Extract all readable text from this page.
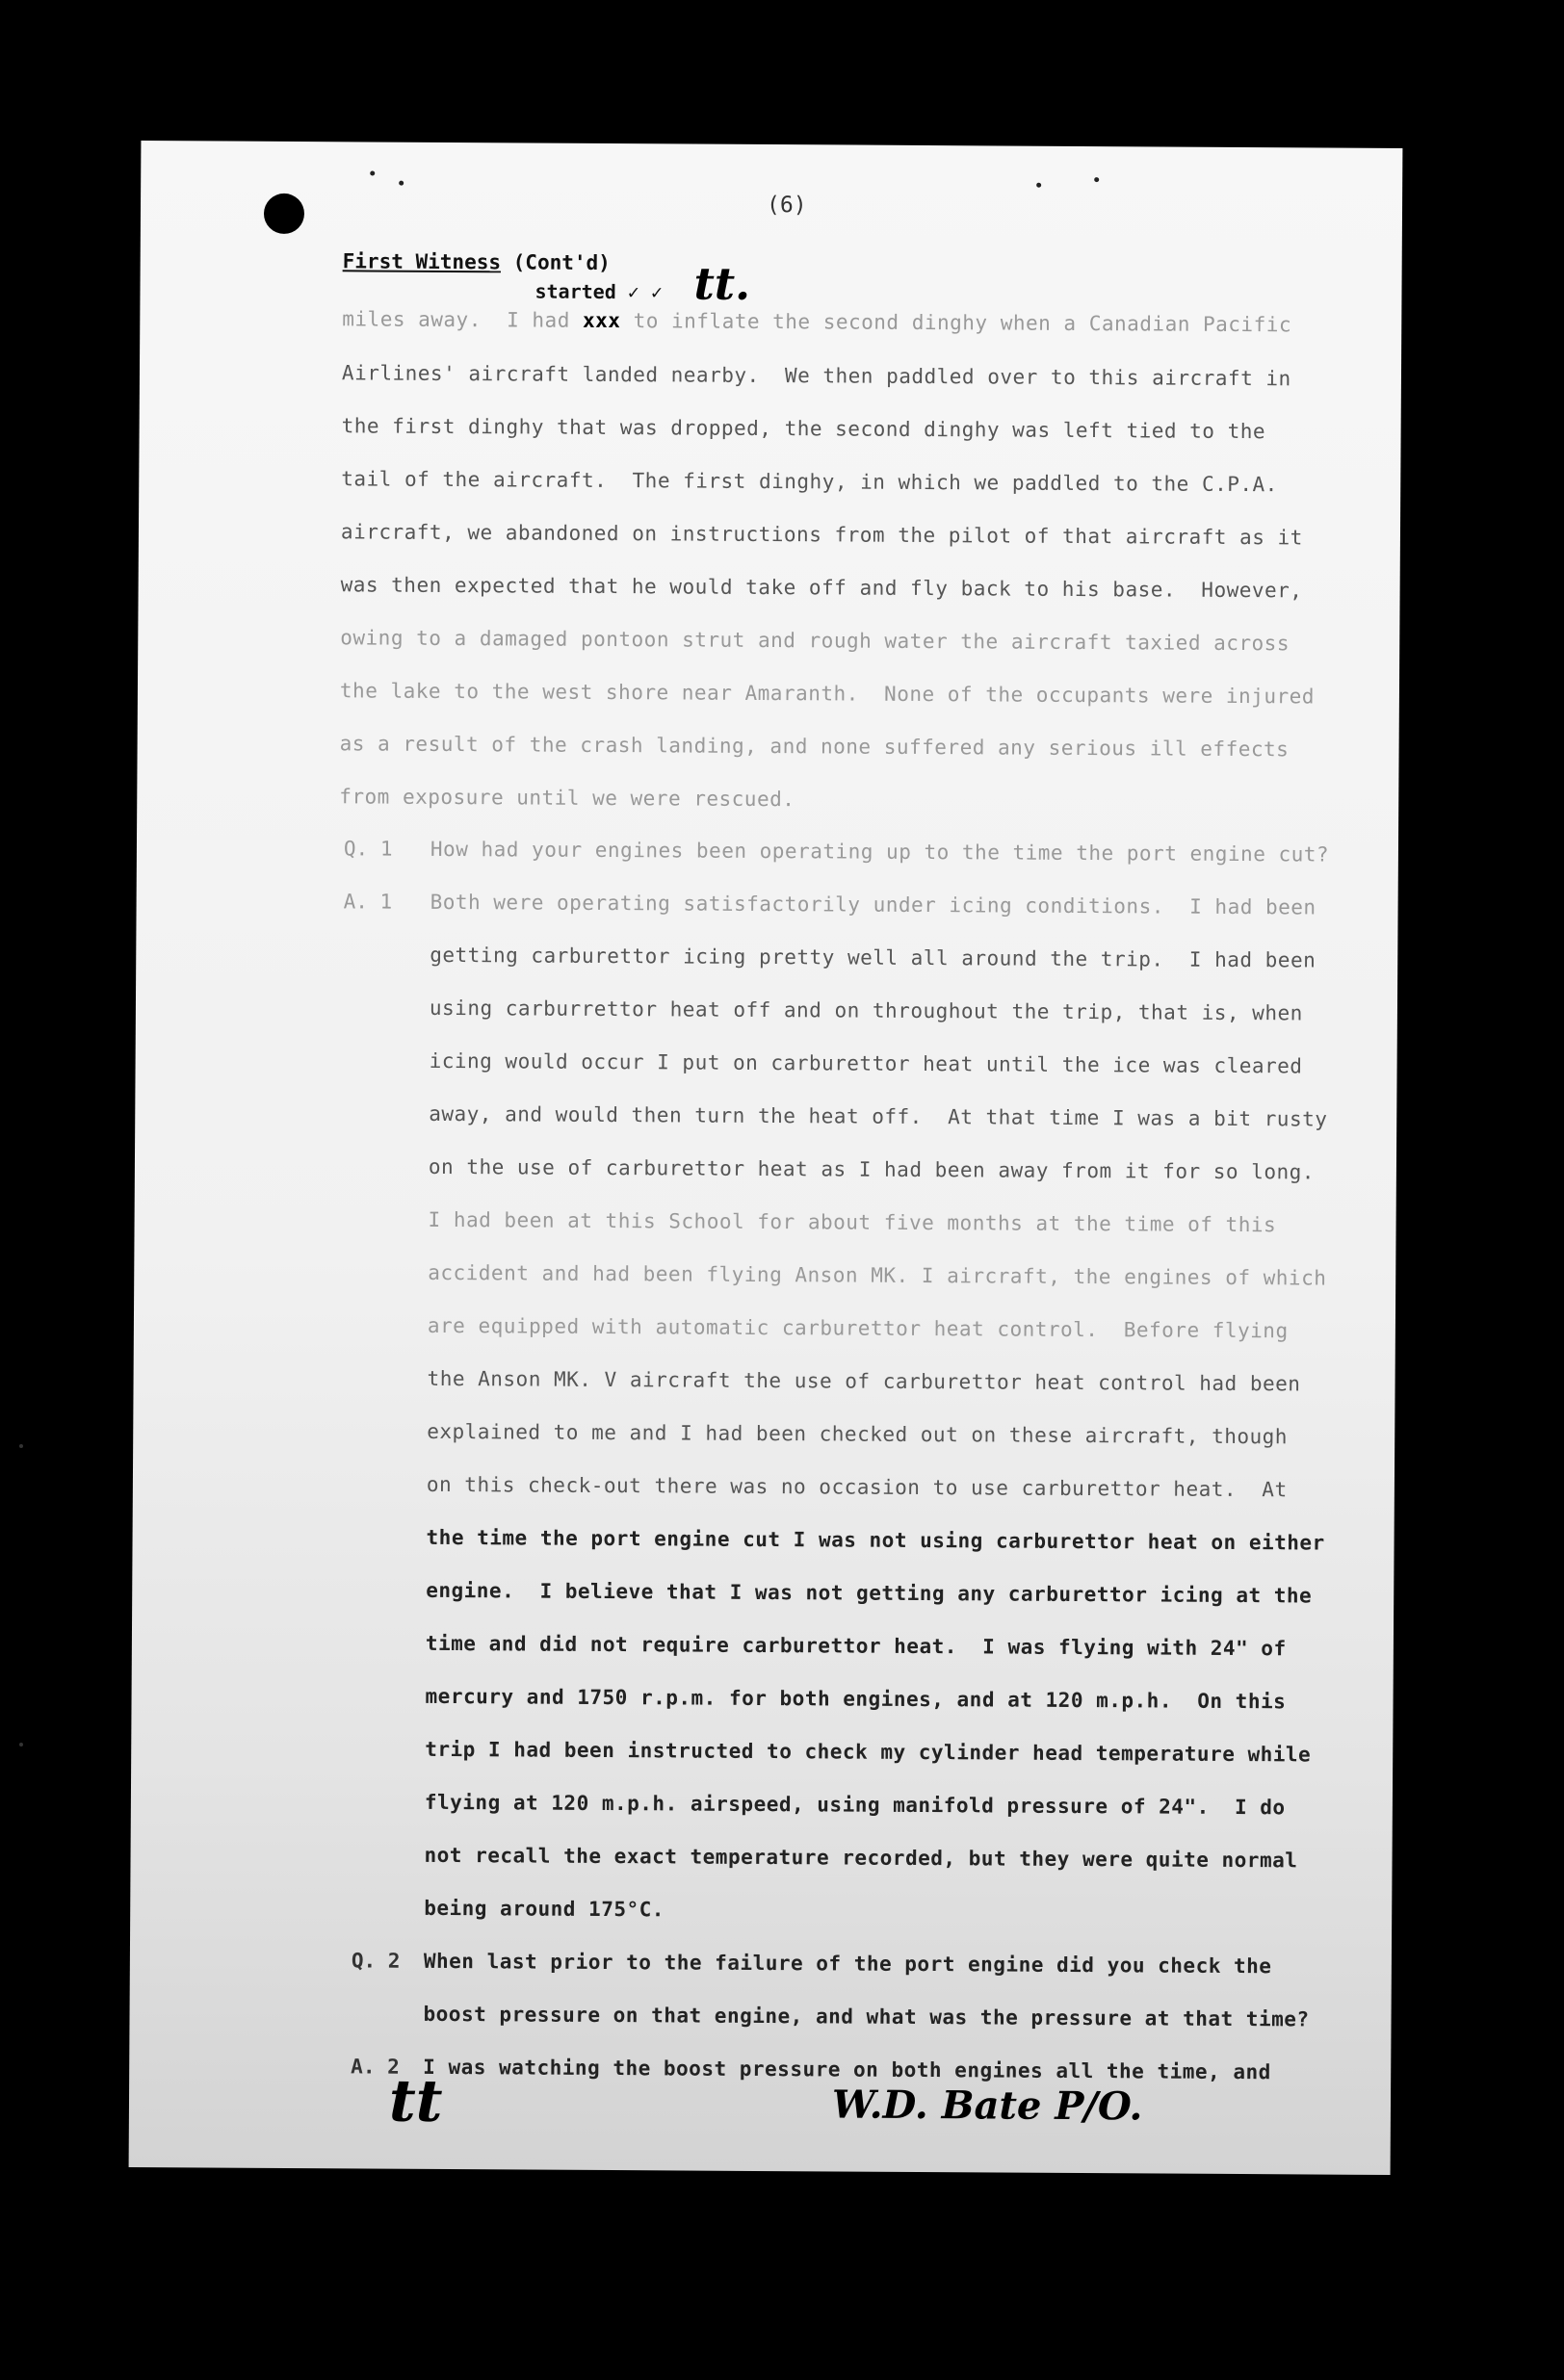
(6)
First Witness (Cont'd)
started ✓ ✓ tt.
miles away.  I had xxx to inflate the second dinghy when a Canadian Pacific
Airlines' aircraft landed nearby.  We then paddled over to this aircraft in
the first dinghy that was dropped, the second dinghy was left tied to the
tail of the aircraft.  The first dinghy, in which we paddled to the C.P.A.
aircraft, we abandoned on instructions from the pilot of that aircraft as it
was then expected that he would take off and fly back to his base.  However,
owing to a damaged pontoon strut and rough water the aircraft taxied across
the lake to the west shore near Amaranth.  None of the occupants were injured
as a result of the crash landing, and none suffered any serious ill effects
from exposure until we were rescued.
Q. 1 How had your engines been operating up to the time the port engine cut?
A. 1 Both were operating satisfactorily under icing conditions.  I had been
getting carburettor icing pretty well all around the trip.  I had been
using carburrettor heat off and on throughout the trip, that is, when
icing would occur I put on carburettor heat until the ice was cleared
away, and would then turn the heat off.  At that time I was a bit rusty
on the use of carburettor heat as I had been away from it for so long.
I had been at this School for about five months at the time of this
accident and had been flying Anson MK. I aircraft, the engines of which
are equipped with automatic carburettor heat control.  Before flying
the Anson MK. V aircraft the use of carburettor heat control had been
explained to me and I had been checked out on these aircraft, though
on this check-out there was no occasion to use carburettor heat.  At
the time the port engine cut I was not using carburettor heat on either
engine.  I believe that I was not getting any carburettor icing at the
time and did not require carburettor heat.  I was flying with 24" of
mercury and 1750 r.p.m. for both engines, and at 120 m.p.h.  On this
trip I had been instructed to check my cylinder head temperature while
flying at 120 m.p.h. airspeed, using manifold pressure of 24".  I do
not recall the exact temperature recorded, but they were quite normal
being around 175°C.
Q. 2 When last prior to the failure of the port engine did you check the
boost pressure on that engine, and what was the pressure at that time?
A. 2 I was watching the boost pressure on both engines all the time, and
tt	W.D. Bate P/O.
